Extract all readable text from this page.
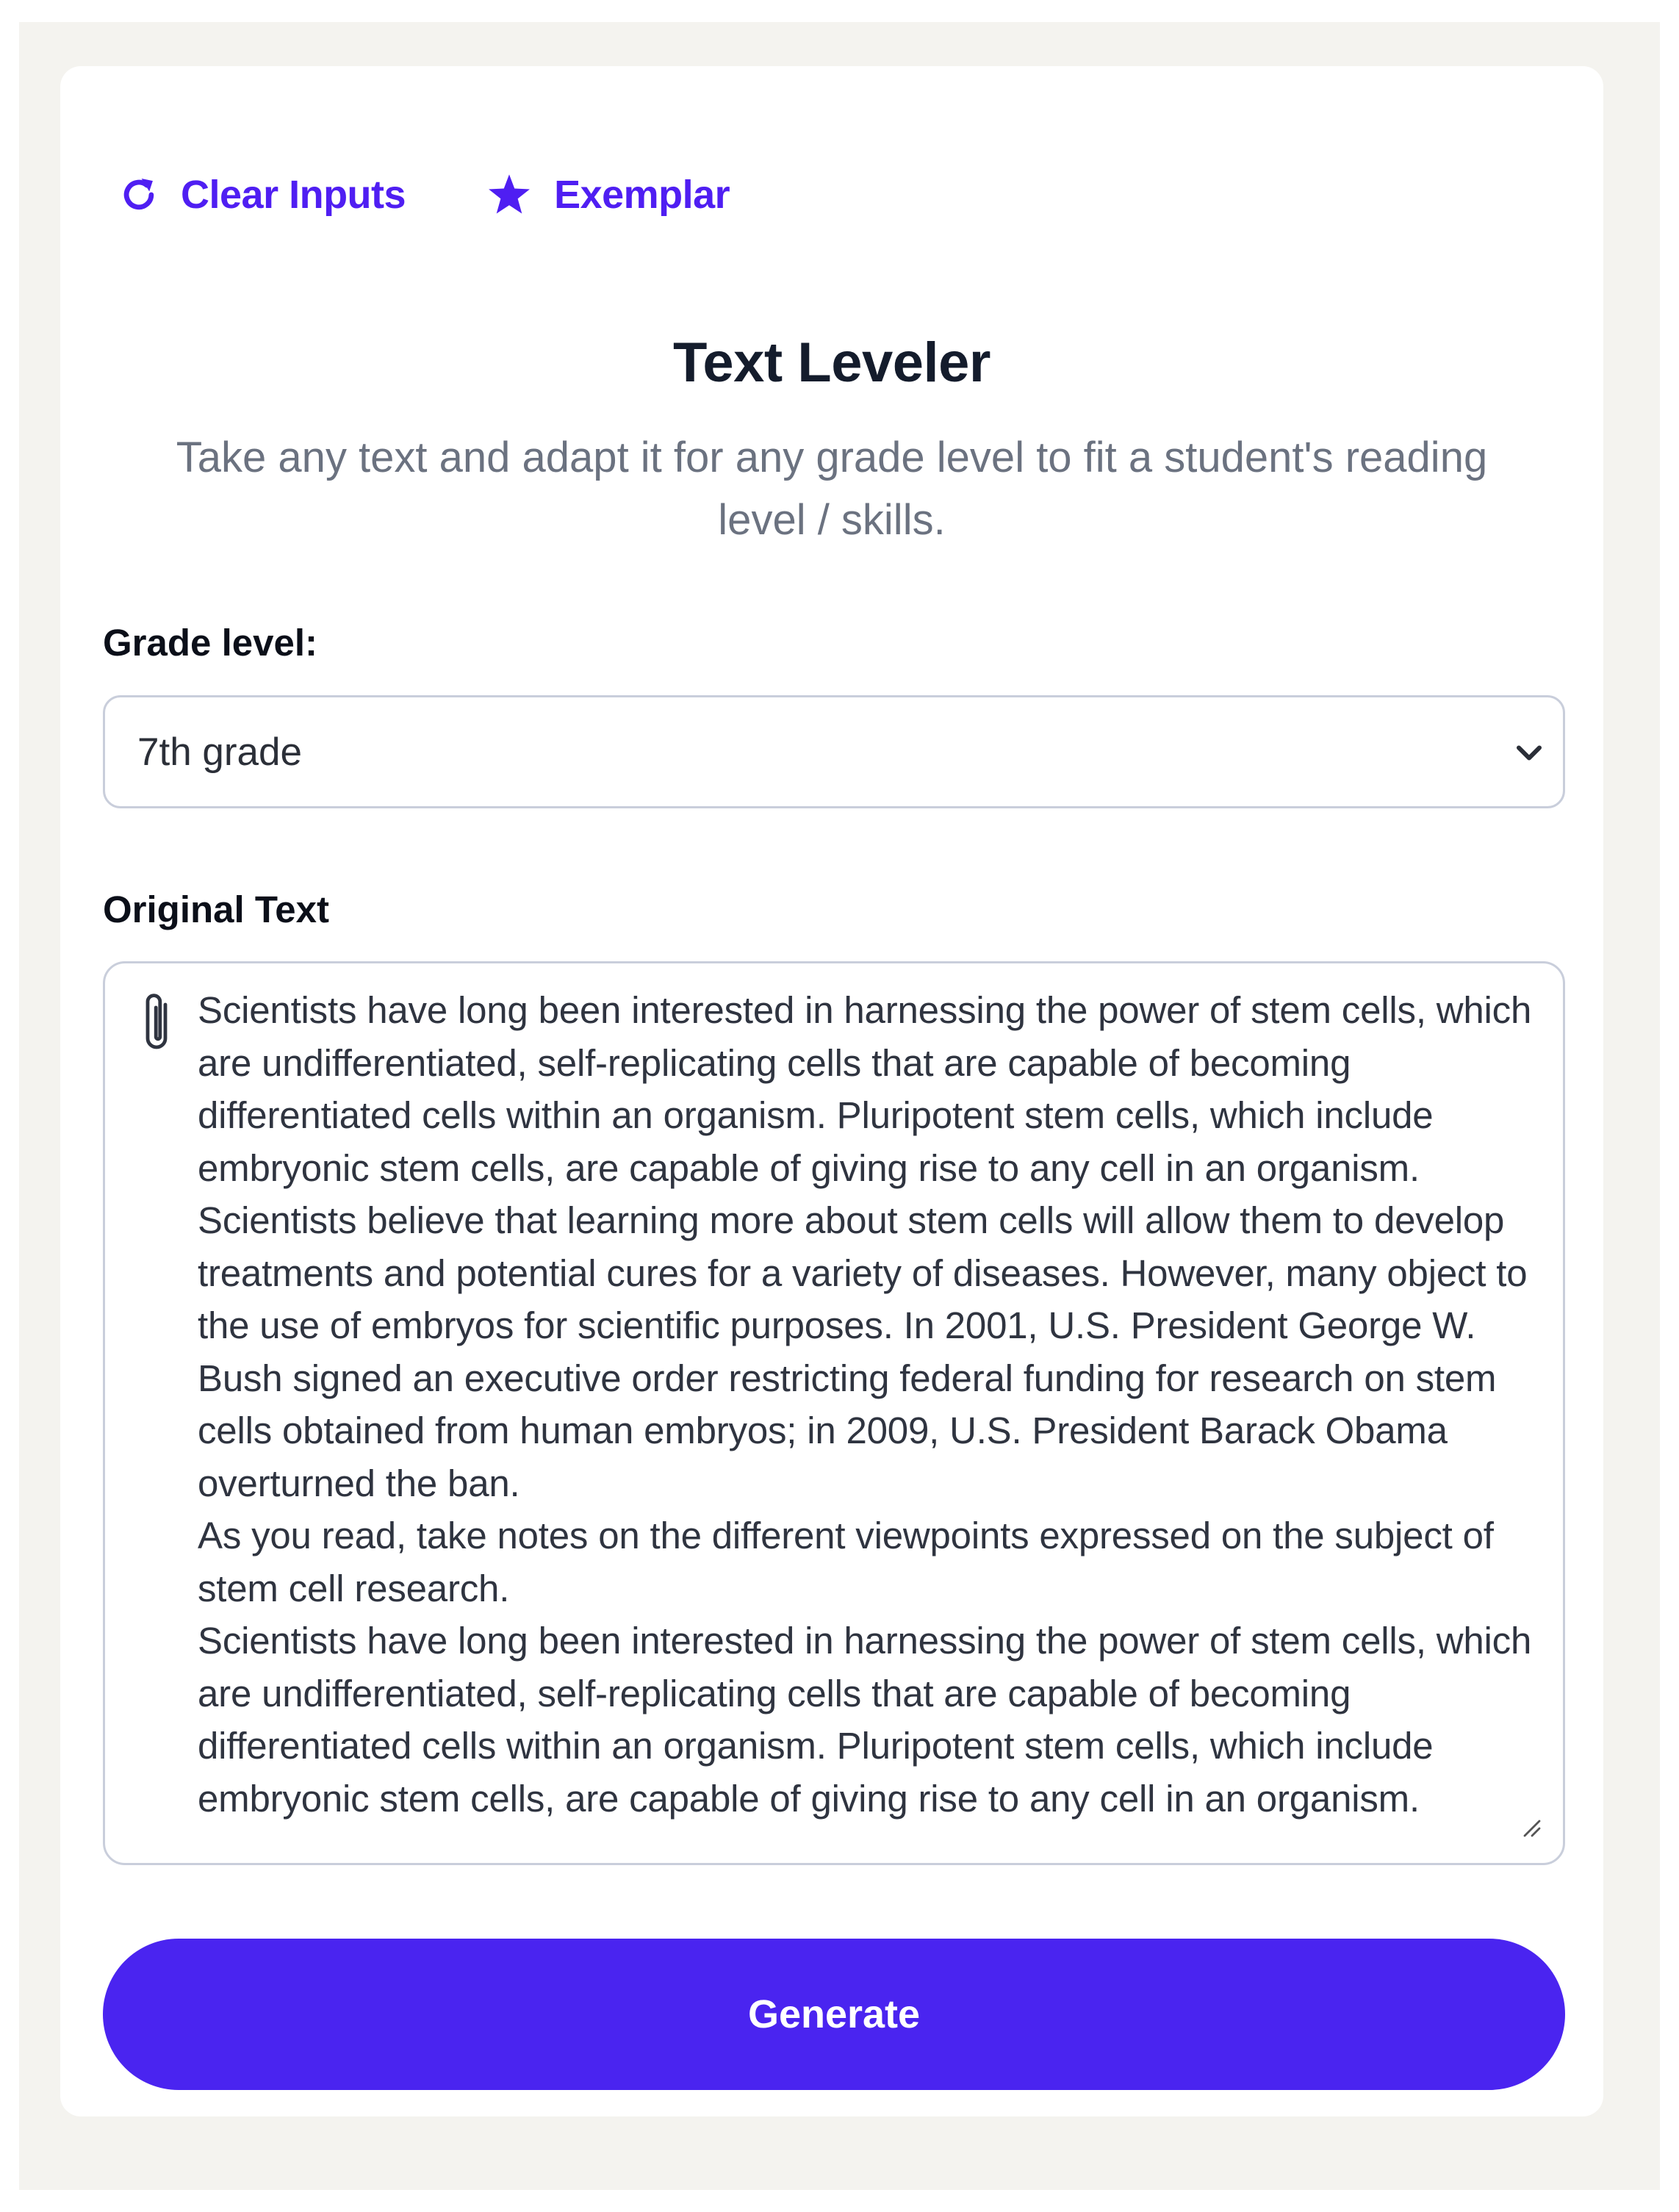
Clear Inputs	Exemplar
Text Leveler
Take any text and adapt it for any grade level to fit a student's reading level / skills.
Grade level:
7th grade
Original Text
Scientists have long been interested in harnessing the power of stem cells, which are undifferentiated, self-replicating cells that are capable of becoming differentiated cells within an organism. Pluripotent stem cells, which include embryonic stem cells, are capable of giving rise to any cell in an organism. Scientists believe that learning more about stem cells will allow them to develop treatments and potential cures for a variety of diseases. However, many object to the use of embryos for scientific purposes. In 2001, U.S. President George W. Bush signed an executive order restricting federal funding for research on stem cells obtained from human embryos; in 2009, U.S. President Barack Obama overturned the ban.
As you read, take notes on the different viewpoints expressed on the subject of stem cell research.
Scientists have long been interested in harnessing the power of stem cells, which are undifferentiated, self-replicating cells that are capable of becoming differentiated cells within an organism. Pluripotent stem cells, which include embryonic stem cells, are capable of giving rise to any cell in an organism.
Generate
